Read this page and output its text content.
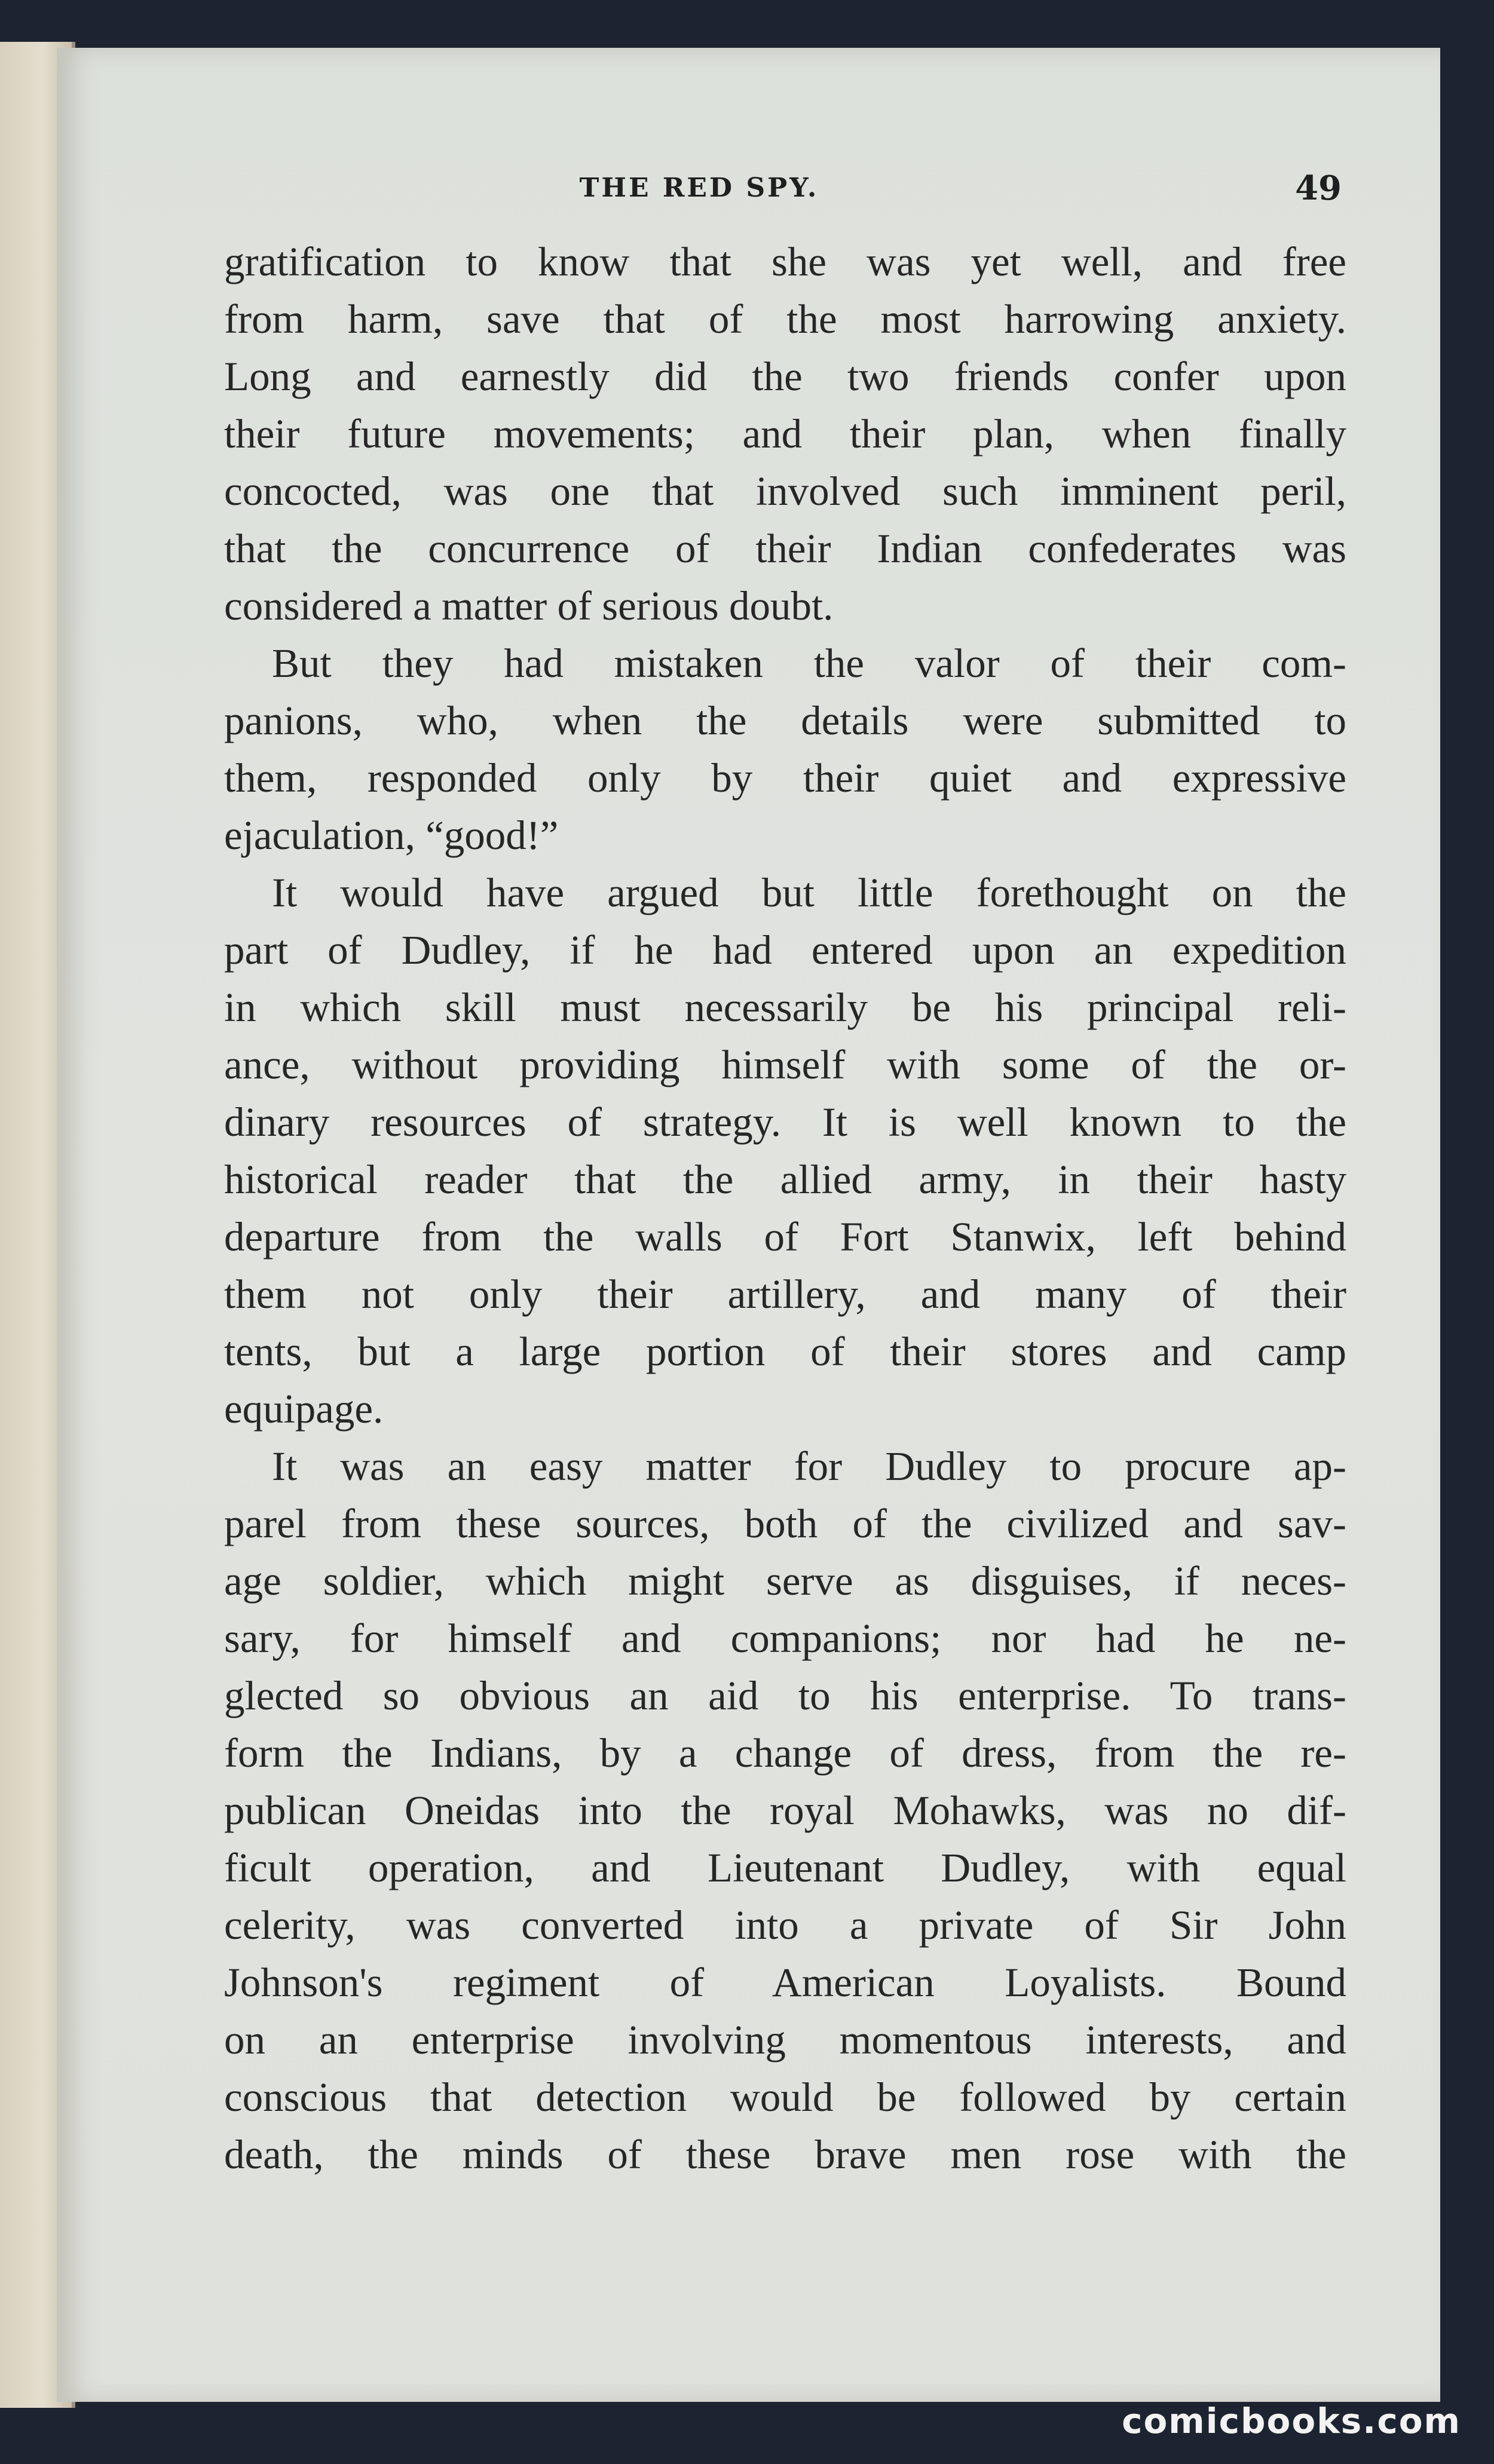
THE RED SPY.	49

gratification to know that she was yet well, and free

from harm, save that of the most harrowing anxiety.

Long and earnestly did the two friends confer upon

their future movements; and their plan, when finally

concocted, was one that involved such imminent peril,

that the concurrence of their Indian confederates was

considered a matter of serious doubt.

But they had mistaken the valor of their com-

panions, who, when the details were submitted to

them, responded only by their quiet and expressive

ejaculation, “good!”

It would have argued but little forethought on the

part of Dudley, if he had entered upon an expedition

in which skill must necessarily be his principal reli-

ance, without providing himself with some of the or-

dinary resources of strategy. It is well known to the

historical reader that the allied army, in their hasty

departure from the walls of Fort Stanwix, left behind

them not only their artillery, and many of their

tents, but a large portion of their stores and camp

equipage.

It was an easy matter for Dudley to procure ap-

parel from these sources, both of the civilized and sav-

age soldier, which might serve as disguises, if neces-

sary, for himself and companions; nor had he ne-

glected so obvious an aid to his enterprise. To trans-

form the Indians, by a change of dress, from the re-

publican Oneidas into the royal Mohawks, was no dif-

ficult operation, and Lieutenant Dudley, with equal

celerity, was converted into a private of Sir John

Johnson's regiment of American Loyalists. Bound

on an enterprise involving momentous interests, and

conscious that detection would be followed by certain

death, the minds of these brave men rose with the

comicbooks.com
